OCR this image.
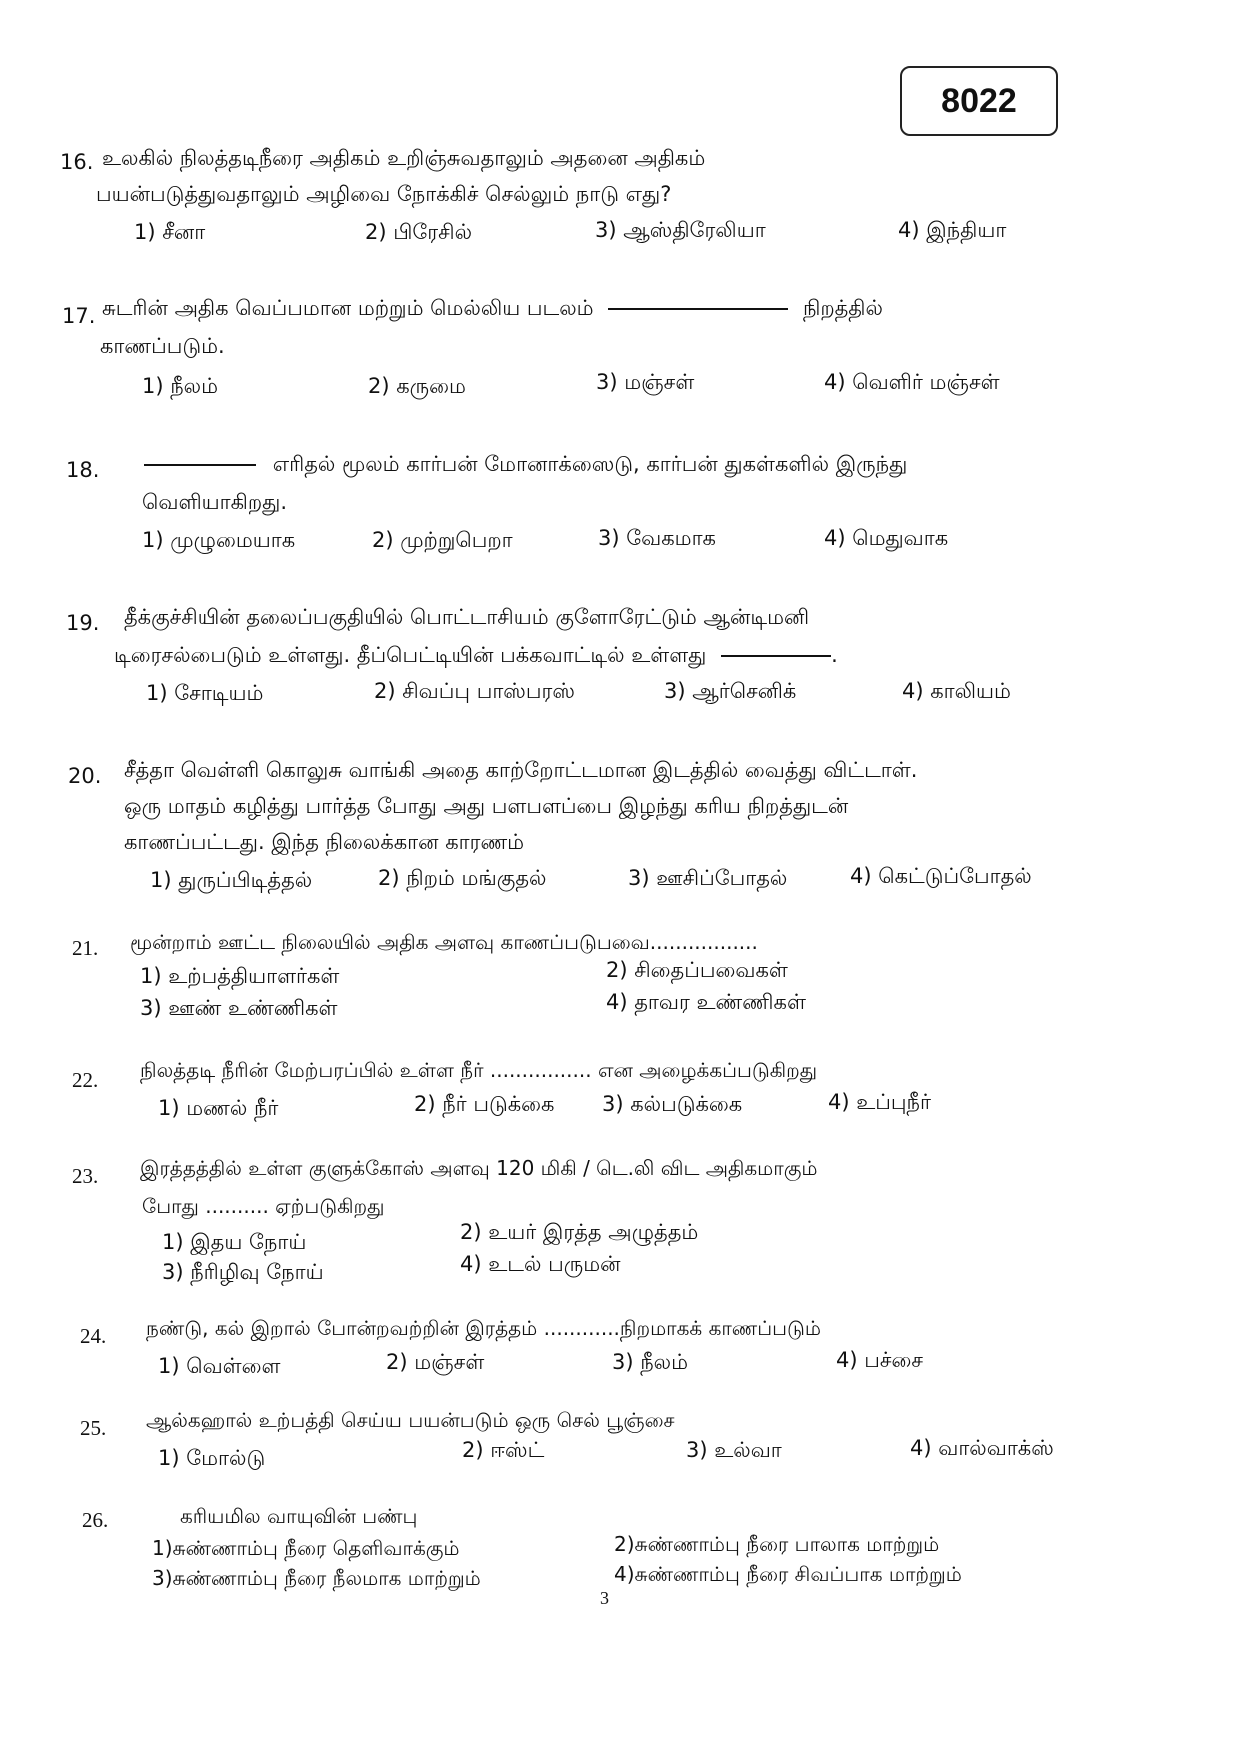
8022
16. உலகில் நிலத்தடிநீரை அதிகம் உறிஞ்சுவதாலும் அதனை அதிகம்
பயன்படுத்துவதாலும் அழிவை நோக்கிச் செல்லும் நாடு எது?
1) சீனா	2) பிரேசில்	3) ஆஸ்திரேலியா	4) இந்தியா
17. சுடரின் அதிக வெப்பமான மற்றும் மெல்லிய படலம்	நிறத்தில்
காணப்படும்.
1) நீலம்	2) கருமை	3) மஞ்சள்	4) வெளிர் மஞ்சள்
18.	எரிதல் மூலம் கார்பன் மோனாக்ஸைடு, கார்பன் துகள்களில் இருந்து
வெளியாகிறது.
1) முழுமையாக	2) முற்றுபெறா	3) வேகமாக	4) மெதுவாக
19. தீக்குச்சியின் தலைப்பகுதியில் பொட்டாசியம் குளோரேட்டும் ஆன்டிமனி
டிரைசல்பைடும் உள்ளது. தீப்பெட்டியின் பக்கவாட்டில் உள்ளது	.
1) சோடியம்	2) சிவப்பு பாஸ்பரஸ்	3) ஆர்செனிக்	4) காலியம்
20. சீத்தா வெள்ளி கொலுசு வாங்கி அதை காற்றோட்டமான இடத்தில் வைத்து விட்டாள்.
ஒரு மாதம் கழித்து பார்த்த போது அது பளபளப்பை இழந்து கரிய நிறத்துடன்
காணப்பட்டது. இந்த நிலைக்கான காரணம்
1) துருப்பிடித்தல்	2) நிறம் மங்குதல்	3) ஊசிப்போதல்	4) கெட்டுப்போதல்
21. மூன்றாம் ஊட்ட நிலையில் அதிக அளவு காணப்படுபவை.................
1) உற்பத்தியாளர்கள்	2) சிதைப்பவைகள்
3) ஊண் உண்ணிகள்	4) தாவர உண்ணிகள்
22. நிலத்தடி நீரின் மேற்பரப்பில் உள்ள நீர் ................ என அழைக்கப்படுகிறது
1) மணல் நீர்	2) நீர் படுக்கை 3) கல்படுக்கை	4) உப்புநீர்
23. இரத்தத்தில் உள்ள குளுக்கோஸ் அளவு 120 மிகி / டெ.லி விட அதிகமாகும்
போது .......... ஏற்படுகிறது
1) இதய நோய்	2) உயர் இரத்த அழுத்தம்
3) நீரிழிவு நோய்	4) உடல் பருமன்
24. நண்டு, கல் இறால் போன்றவற்றின் இரத்தம் ............நிறமாகக் காணப்படும்
1) வெள்ளை	2) மஞ்சள்	3) நீலம்	4) பச்சை
25. ஆல்கஹால் உற்பத்தி செய்ய பயன்படும் ஒரு செல் பூஞ்சை
1) மோல்டு	2) ஈஸ்ட்	3) உல்வா	4) வால்வாக்ஸ்
26.	கரியமில வாயுவின் பண்பு
1)சுண்ணாம்பு நீரை தெளிவாக்கும்	2)சுண்ணாம்பு நீரை பாலாக மாற்றும்
3)சுண்ணாம்பு நீரை நீலமாக மாற்றும்	4)சுண்ணாம்பு நீரை சிவப்பாக மாற்றும்
3
